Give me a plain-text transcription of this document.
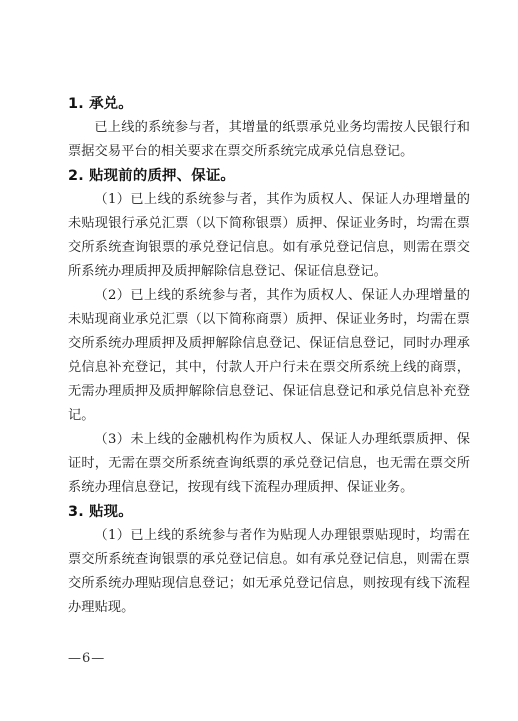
1. 承兑。
已上线的系统参与者，其增量的纸票承兑业务均需按人民银行和票据交易平台的相关要求在票交所系统完成承兑信息登记。
2. 贴现前的质押、保证。
（1）已上线的系统参与者，其作为质权人、保证人办理增量的未贴现银行承兑汇票（以下简称银票）质押、保证业务时，均需在票交所系统查询银票的承兑登记信息。如有承兑登记信息，则需在票交所系统办理质押及质押解除信息登记、保证信息登记。
（2）已上线的系统参与者，其作为质权人、保证人办理增量的未贴现商业承兑汇票（以下简称商票）质押、保证业务时，均需在票交所系统办理质押及质押解除信息登记、保证信息登记，同时办理承兑信息补充登记，其中，付款人开户行未在票交所系统上线的商票，无需办理质押及质押解除信息登记、保证信息登记和承兑信息补充登记。
（3）未上线的金融机构作为质权人、保证人办理纸票质押、保证时，无需在票交所系统查询纸票的承兑登记信息，也无需在票交所系统办理信息登记，按现有线下流程办理质押、保证业务。
3. 贴现。
（1）已上线的系统参与者作为贴现人办理银票贴现时，均需在票交所系统查询银票的承兑登记信息。如有承兑登记信息，则需在票交所系统办理贴现信息登记；如无承兑登记信息，则按现有线下流程办理贴现。
—6—
